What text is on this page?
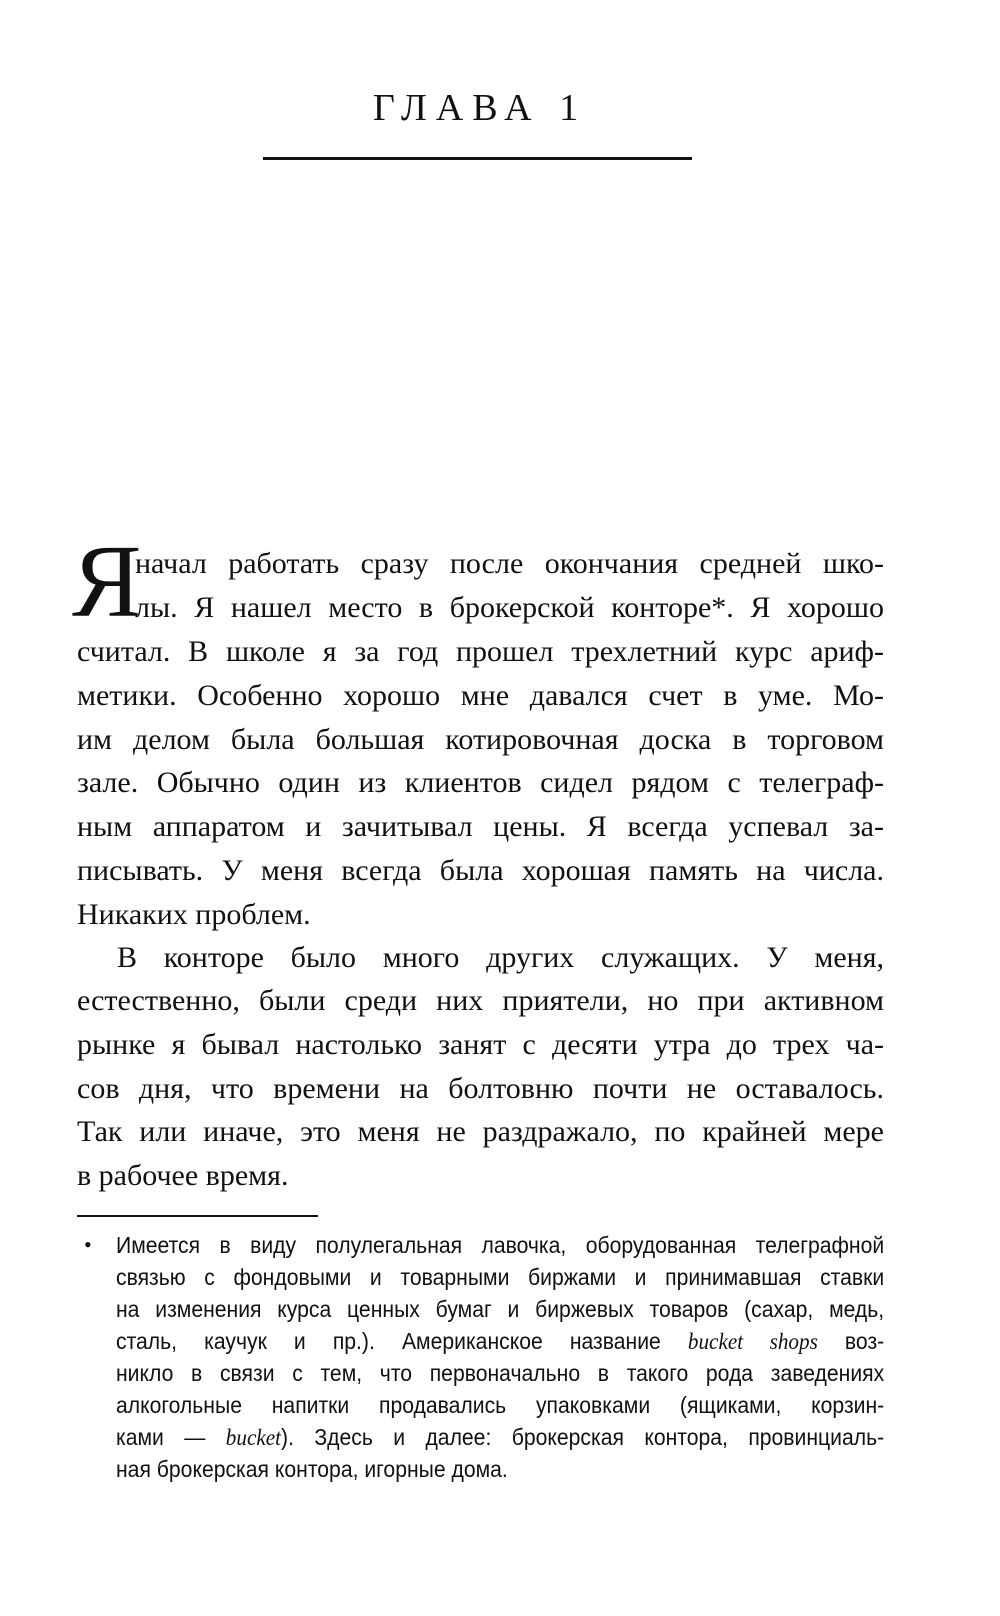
ГЛАВА 1
Я
начал работать сразу после окончания средней шко-
лы. Я нашел место в брокерской конторе*. Я хорошо
считал. В школе я за год прошел трехлетний курс ариф-
метики. Особенно хорошо мне давался счет в уме. Мо-
им делом была большая котировочная доска в торговом
зале. Обычно один из клиентов сидел рядом с телеграф-
ным аппаратом и зачитывал цены. Я всегда успевал за-
писывать. У меня всегда была хорошая память на числа.
Никаких проблем.
В конторе было много других служащих. У меня,
естественно, были среди них приятели, но при активном
рынке я бывал настолько занят с десяти утра до трех ча-
сов дня, что времени на болтовню почти не оставалось.
Так или иначе, это меня не раздражало, по крайней мере
в рабочее время.
• Имеется в виду полулегальная лавочка, оборудованная телеграфной
связью с фондовыми и товарными биржами и принимавшая ставки
на изменения курса ценных бумаг и биржевых товаров (сахар, медь,
сталь, каучук и пр.). Американское название bucket shops воз-
никло в связи с тем, что первоначально в такого рода заведениях
алкогольные напитки продавались упаковками (ящиками, корзин-
ками — bucket). Здесь и далее: брокерская контора, провинциаль-
ная брокерская контора, игорные дома.
